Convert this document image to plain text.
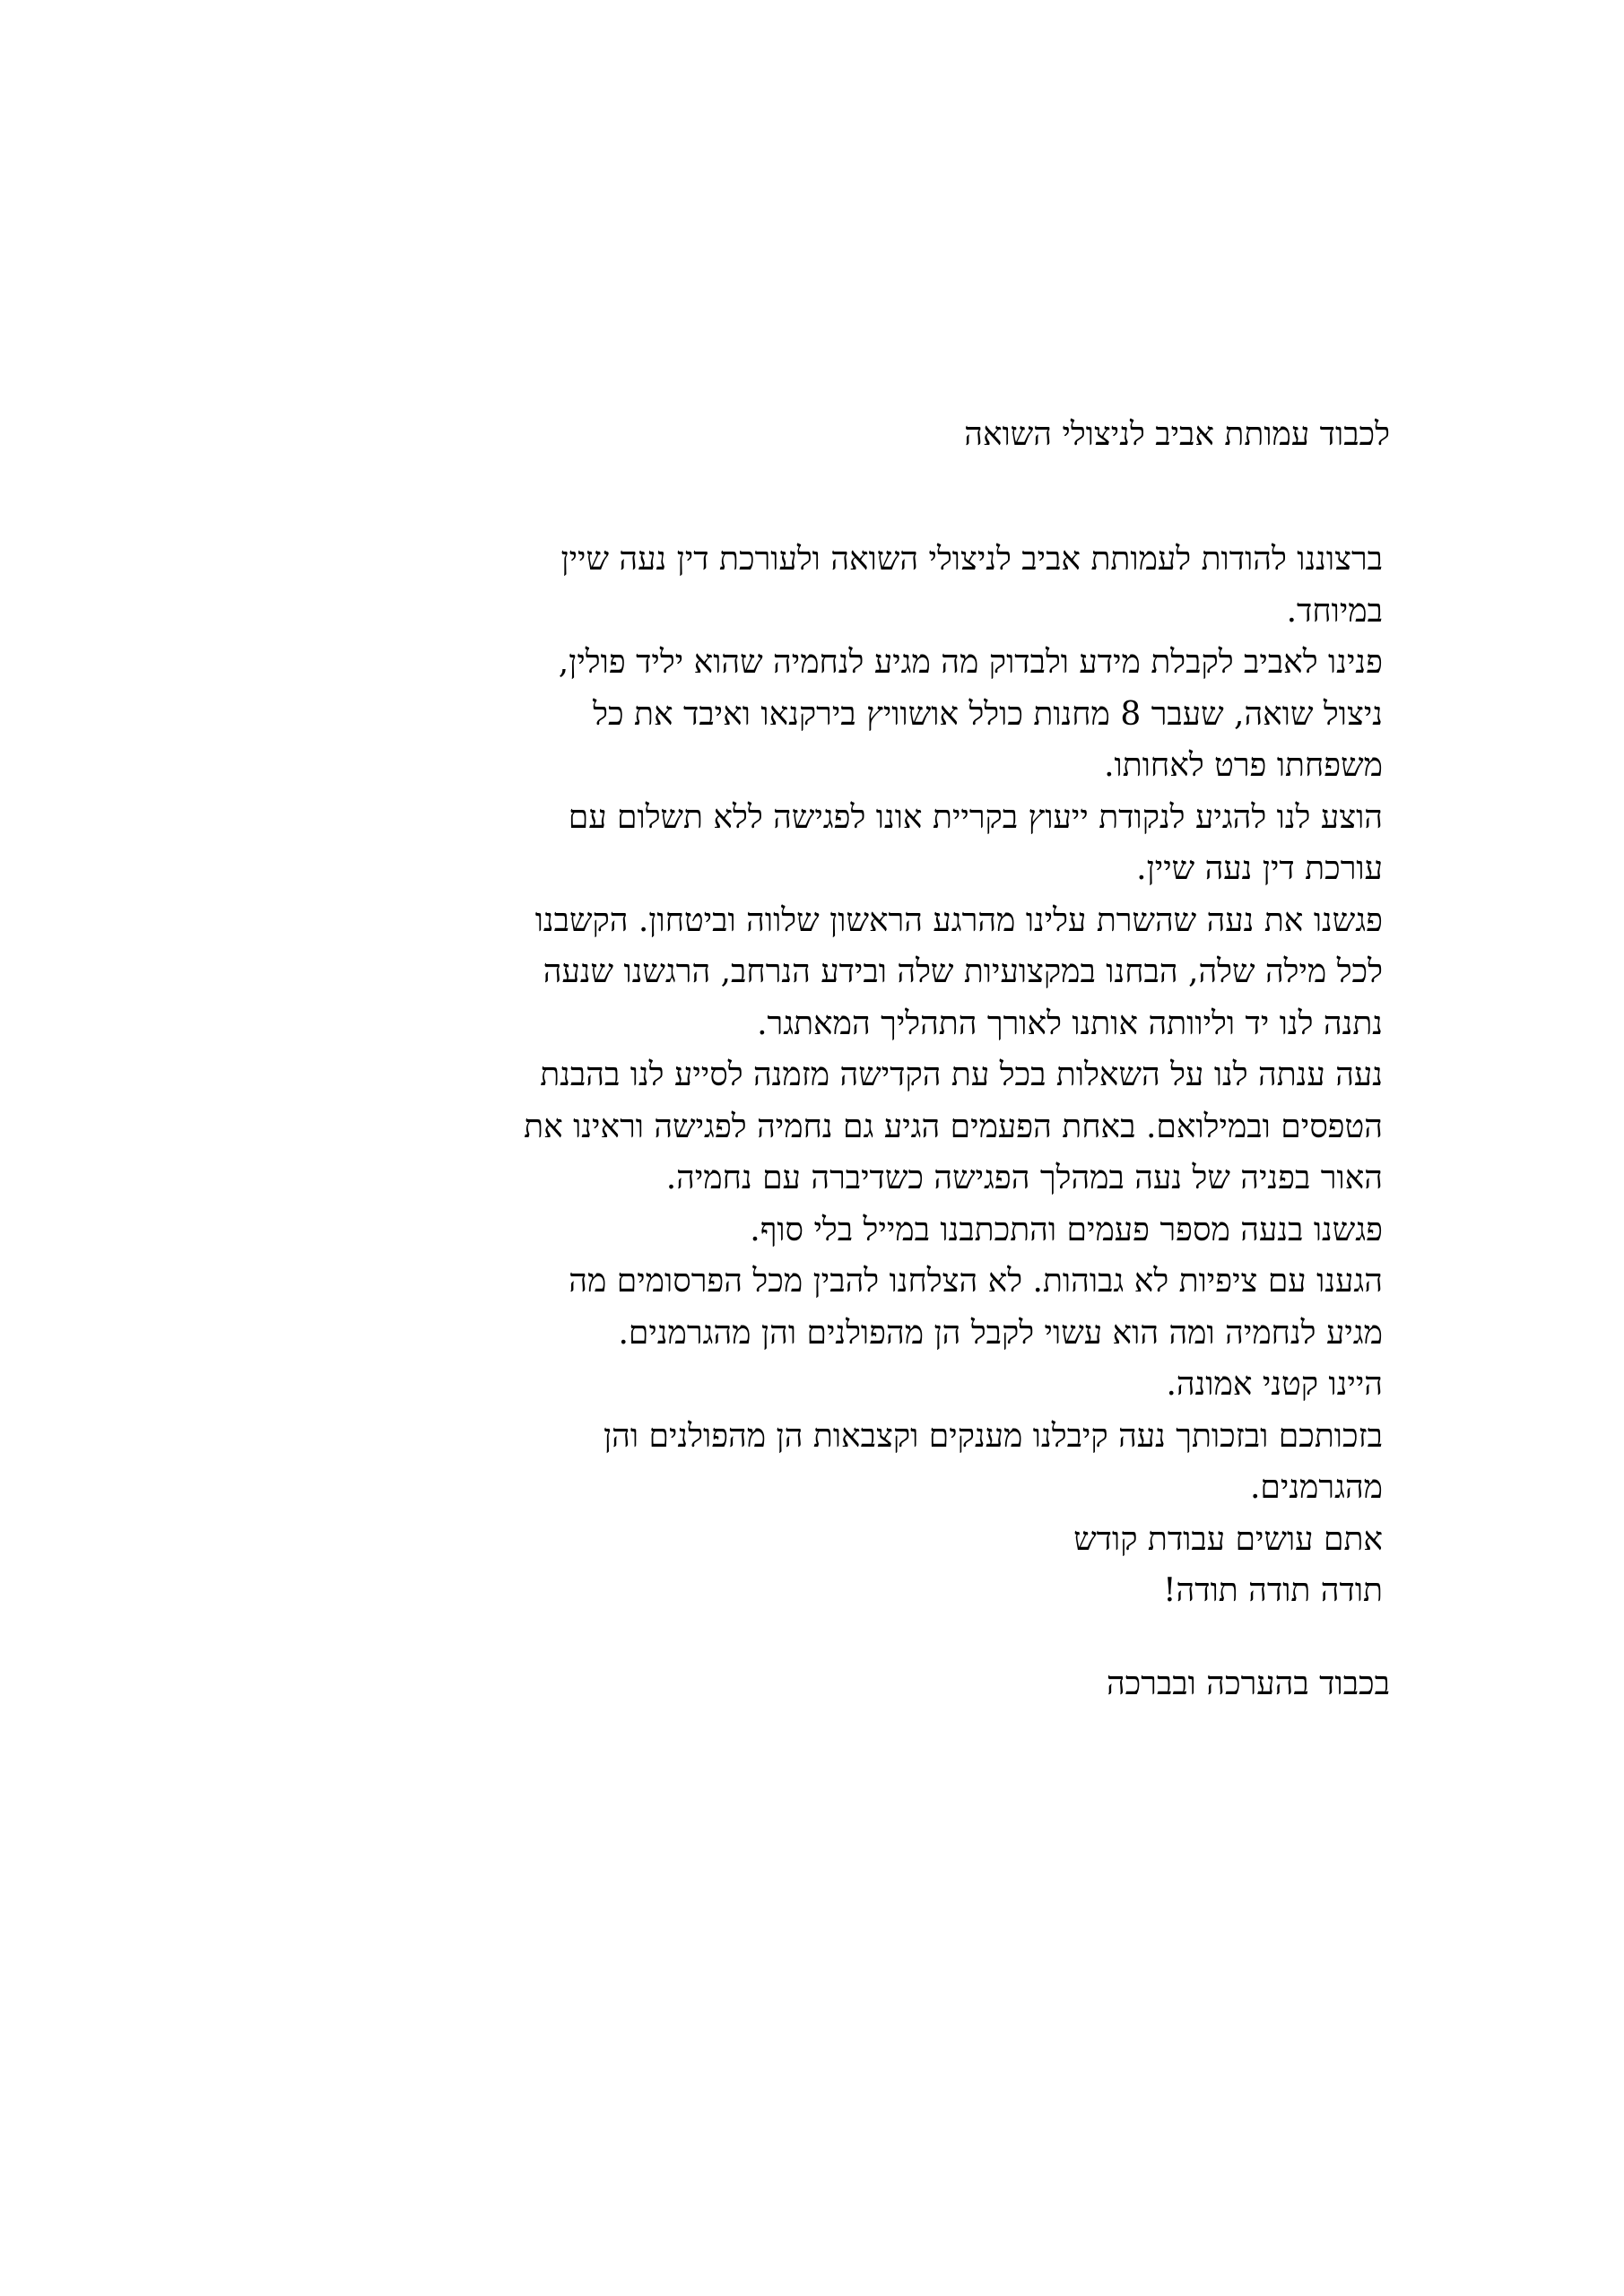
לכבוד עמותת אביב לניצולי השואה
ברצוננו להודות לעמותת אביב לניצולי השואה ולעורכת דין נעה שיין
במיוחד.
פנינו לאביב לקבלת מידע ולבדוק מה מגיע לנחמיה שהוא יליד פולין,
ניצול שואה, שעבר 8 מחנות כולל אושוויץ בירקנאו ואיבד את כל
משפחתו פרט לאחותו.
הוצע לנו להגיע לנקודת ייעוץ בקריית אונו לפגישה ללא תשלום עם
עורכת דין נעה שיין.
פגשנו את נעה שהשרת עלינו מהרגע הראשון שלווה וביטחון. הקשבנו
לכל מילה שלה, הבחנו במקצועיות שלה ובידע הנרחב, הרגשנו שנעה
נתנה לנו יד וליוותה אותנו לאורך התהליך המאתגר.
נעה ענתה לנו על השאלות בכל עת הקדישה מזמנה לסייע לנו בהבנת
הטפסים ובמילואם. באחת הפעמים הגיע גם נחמיה לפגישה וראינו את
האור בפניה של נעה במהלך הפגישה כשדיברה עם נחמיה.
פגשנו בנעה מספר פעמים והתכתבנו במייל בלי סוף.
הגענו עם ציפיות לא גבוהות. לא הצלחנו להבין מכל הפרסומים מה
מגיע לנחמיה ומה הוא עשוי לקבל הן מהפולנים והן מהגרמנים.
היינו קטני אמונה.
בזכותכם ובזכותך נעה קיבלנו מענקים וקצבאות הן מהפולנים והן
מהגרמנים.
אתם עושים עבודת קודש
תודה תודה תודה!
בכבוד בהערכה ובברכה
